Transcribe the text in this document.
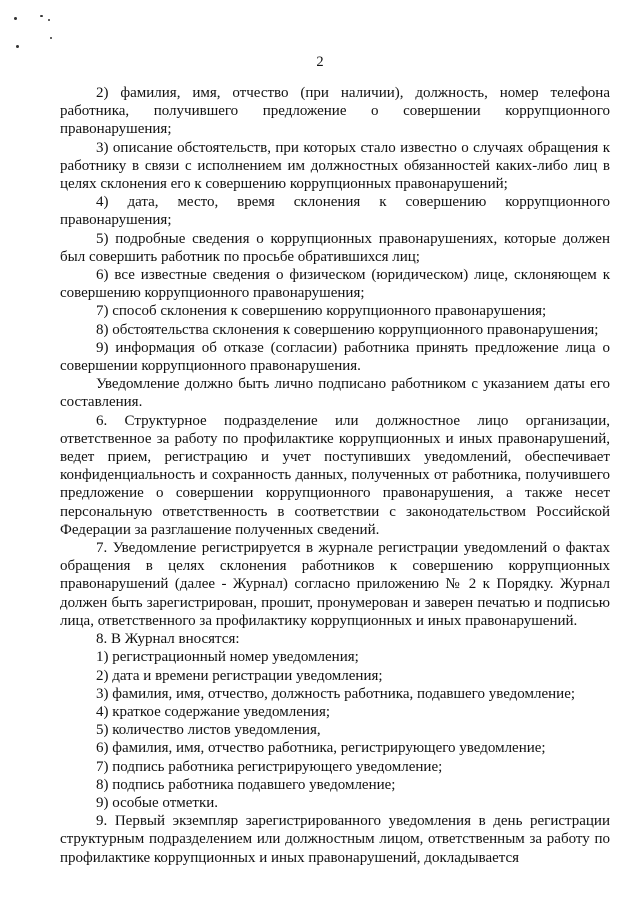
2

2) фамилия, имя, отчество (при наличии), должность, номер телефона работника, получившего предложение о совершении коррупционного правонарушения;

3) описание обстоятельств, при которых стало известно о случаях обращения к работнику в связи с исполнением им должностных обязанностей каких-либо лиц в целях склонения его к совершению коррупционных правонарушений;

4) дата, место, время склонения к совершению коррупционного правонарушения;

5) подробные сведения о коррупционных правонарушениях, которые должен был совершить работник по просьбе обратившихся лиц;

6) все известные сведения о физическом (юридическом) лице, склоняющем к совершению коррупционного правонарушения;

7) способ склонения к совершению коррупционного правонарушения;

8) обстоятельства склонения к совершению коррупционного правонарушения;

9) информация об отказе (согласии) работника принять предложение лица о совершении коррупционного правонарушения.

Уведомление должно быть лично подписано работником с указанием даты его составления.

6. Структурное подразделение или должностное лицо организации, ответственное за работу по профилактике коррупционных и иных правонарушений, ведет прием, регистрацию и учет поступивших уведомлений, обеспечивает конфиденциальность и сохранность данных, полученных от работника, получившего предложение о совершении коррупционного правонарушения, а также несет персональную ответственность в соответствии с законодательством Российской Федерации за разглашение полученных сведений.

7. Уведомление регистрируется в журнале регистрации уведомлений о фактах обращения в целях склонения работников к совершению коррупционных правонарушений (далее - Журнал) согласно приложению № 2 к Порядку. Журнал должен быть зарегистрирован, прошит, пронумерован и заверен печатью и подписью лица, ответственного за профилактику коррупционных и иных правонарушений.

8. В Журнал вносятся:

1) регистрационный номер уведомления;

2) дата и времени регистрации уведомления;

3) фамилия, имя, отчество, должность работника, подавшего уведомление;

4) краткое содержание уведомления;

5) количество листов уведомления,

6) фамилия, имя, отчество работника, регистрирующего уведомление;

7) подпись работника регистрирующего уведомление;

8) подпись работника подавшего уведомление;

9) особые отметки.

9. Первый экземпляр зарегистрированного уведомления в день регистрации структурным подразделением или должностным лицом, ответственным за работу по профилактике коррупционных и иных правонарушений, докладывается
